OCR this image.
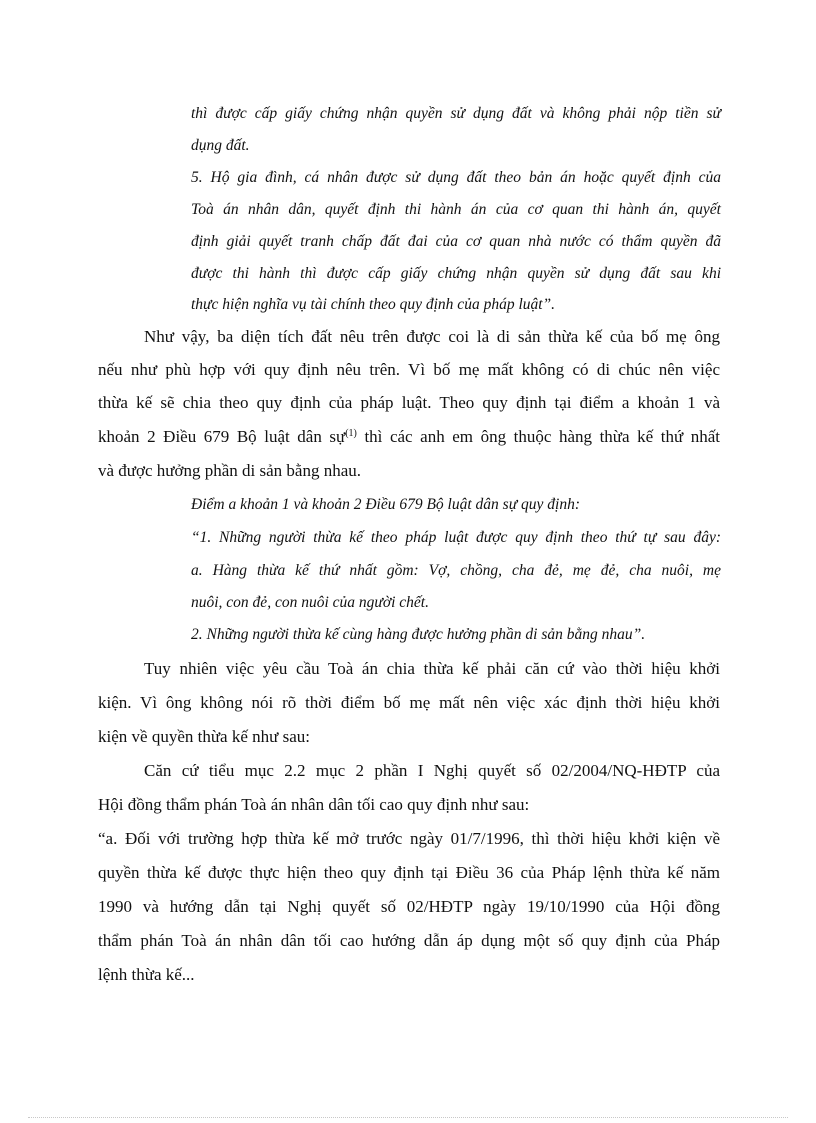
thì được cấp giấy chứng nhận quyền sử dụng đất và không phải nộp tiền sử
dụng đất.
5. Hộ gia đình, cá nhân được sử dụng đất theo bản án hoặc quyết định của
Toà án nhân dân, quyết định thi hành án của cơ quan thi hành án, quyết
định giải quyết tranh chấp đất đai của cơ quan nhà nước có thẩm quyền đã
được thi hành thì được cấp giấy chứng nhận quyền sử dụng đất sau khi
thực hiện nghĩa vụ tài chính theo quy định của pháp luật”.
Như vậy, ba diện tích đất nêu trên được coi là di sản thừa kế của bố mẹ ông
nếu như phù hợp với quy định nêu trên. Vì bố mẹ mất không có di chúc nên việc
thừa kế sẽ chia theo quy định của pháp luật. Theo quy định tại điểm a khoản 1 và
khoản 2 Điều 679 Bộ luật dân sự$^{(1)}$ thì các anh em ông thuộc hàng thừa kế thứ nhất
và được hưởng phần di sản bằng nhau.
Điểm a khoản 1 và khoản 2 Điều 679 Bộ luật dân sự quy định:
“1. Những người thừa kế theo pháp luật được quy định theo thứ tự sau đây:
a. Hàng thừa kế thứ nhất gồm: Vợ, chồng, cha đẻ, mẹ đẻ, cha nuôi, mẹ
nuôi, con đẻ, con nuôi của người chết.
2. Những người thừa kế cùng hàng được hưởng phần di sản bằng nhau”.
Tuy nhiên việc yêu cầu Toà án chia thừa kế phải căn cứ vào thời hiệu khởi
kiện. Vì ông không nói rõ thời điểm bố mẹ mất nên việc xác định thời hiệu khởi
kiện về quyền thừa kế như sau:
Căn cứ tiểu mục 2.2 mục 2 phần I Nghị quyết số 02/2004/NQ-HĐTP của
Hội đồng thẩm phán Toà án nhân dân tối cao quy định như sau:
“a. Đối với trường hợp thừa kế mở trước ngày 01/7/1996, thì thời hiệu khởi kiện về
quyền thừa kế được thực hiện theo quy định tại Điều 36 của Pháp lệnh thừa kế năm
1990 và hướng dẫn tại Nghị quyết số 02/HĐTP ngày 19/10/1990 của Hội đồng
thẩm phán Toà án nhân dân tối cao hướng dẫn áp dụng một số quy định của Pháp
lệnh thừa kế...
